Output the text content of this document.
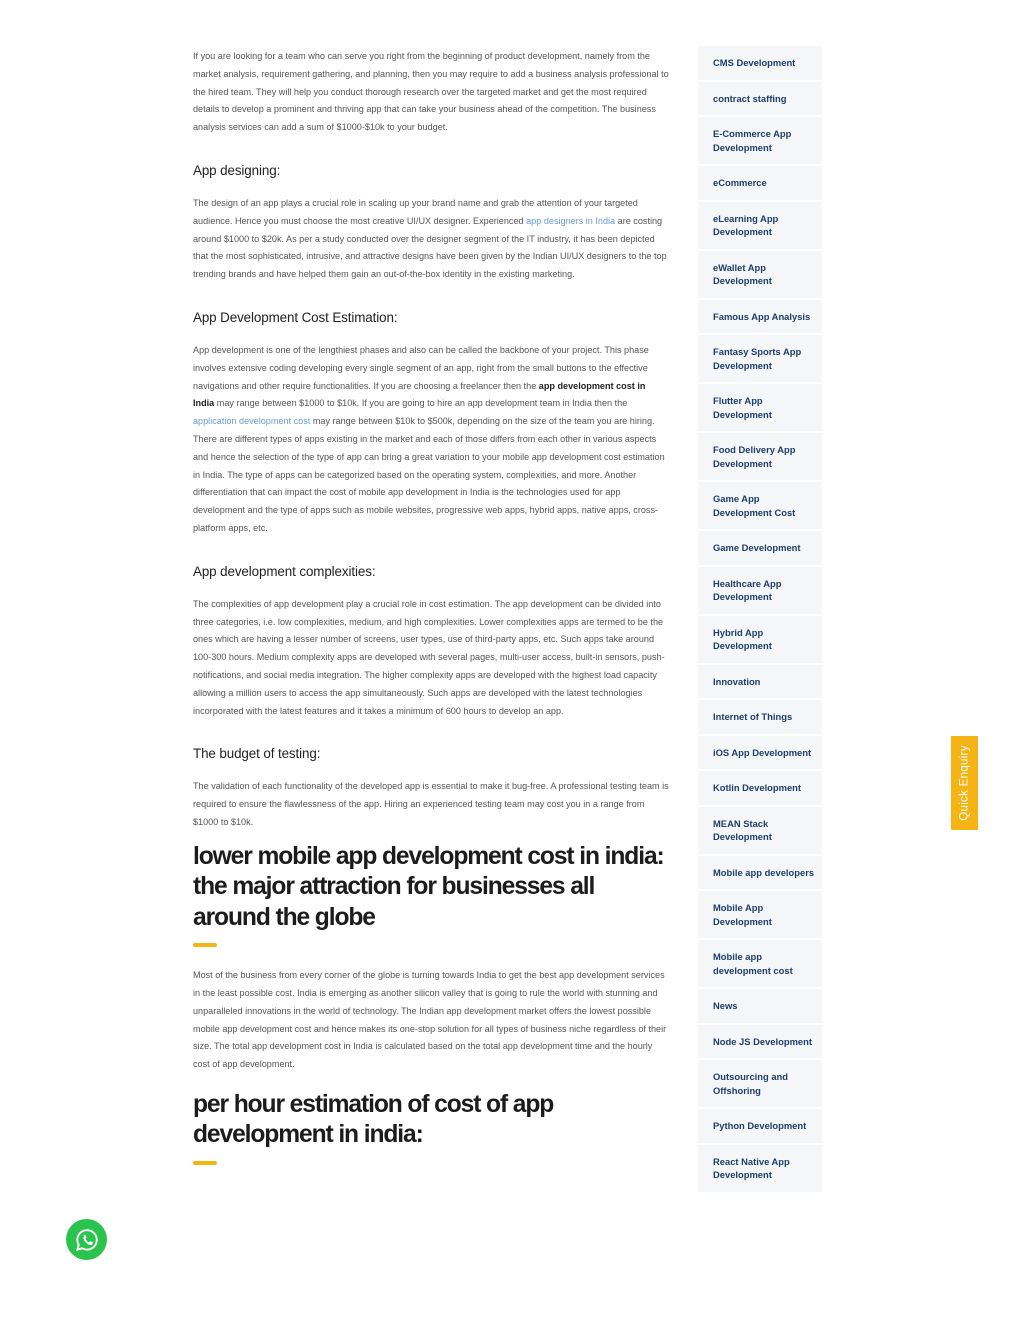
If you are looking for a team who can serve you right from the beginning of product development, namely from the market analysis, requirement gathering, and planning, then you may require to add a business analysis professional to the hired team. They will help you conduct thorough research over the targeted market and get the most required details to develop a prominent and thriving app that can take your business ahead of the competition. The business analysis services can add a sum of $1000-$10k to your budget.

App designing:

The design of an app plays a crucial role in scaling up your brand name and grab the attention of your targeted audience. Hence you must choose the most creative UI/UX designer. Experienced app designers in India are costing around $1000 to $20k. As per a study conducted over the designer segment of the IT industry, it has been depicted that the most sophisticated, intrusive, and attractive designs have been given by the Indian UI/UX designers to the top trending brands and have helped them gain an out-of-the-box identity in the existing marketing.

App Development Cost Estimation:

App development is one of the lengthiest phases and also can be called the backbone of your project. This phase involves extensive coding developing every single segment of an app, right from the small buttons to the effective navigations and other require functionalities. If you are choosing a freelancer then the app development cost in India may range between $1000 to $10k. If you are going to hire an app development team in India then the application development cost may range between $10k to $500k, depending on the size of the team you are hiring. There are different types of apps existing in the market and each of those differs from each other in various aspects and hence the selection of the type of app can bring a great variation to your mobile app development cost estimation in India. The type of apps can be categorized based on the operating system, complexities, and more. Another differentiation that can impact the cost of mobile app development in India is the technologies used for app development and the type of apps such as mobile websites, progressive web apps, hybrid apps, native apps, cross-platform apps, etc.

App development complexities:

The complexities of app development play a crucial role in cost estimation. The app development can be divided into three categories, i.e. low complexities, medium, and high complexities. Lower complexities apps are termed to be the ones which are having a lesser number of screens, user types, use of third-party apps, etc. Such apps take around 100-300 hours. Medium complexity apps are developed with several pages, multi-user access, built-in sensors, push-notifications, and social media integration. The higher complexity apps are developed with the highest load capacity allowing a million users to access the app simultaneously. Such apps are developed with the latest technologies incorporated with the latest features and it takes a minimum of 600 hours to develop an app.

The budget of testing:

The validation of each functionality of the developed app is essential to make it bug-free. A professional testing team is required to ensure the flawlessness of the app. Hiring an experienced testing team may cost you in a range from $1000 to $10k.

lower mobile app development cost in india: the major attraction for businesses all around the globe

Most of the business from every corner of the globe is turning towards India to get the best app development services in the least possible cost. India is emerging as another silicon valley that is going to rule the world with stunning and unparalleled innovations in the world of technology. The Indian app development market offers the lowest possible mobile app development cost and hence makes its one-stop solution for all types of business niche regardless of their size. The total app development cost in India is calculated based on the total app development time and the hourly cost of app development.

per hour estimation of cost of app development in india:
CMS Development
contract staffing
E-Commerce App Development
eCommerce
eLearning App Development
eWallet App Development
Famous App Analysis
Fantasy Sports App Development
Flutter App Development
Food Delivery App Development
Game App Development Cost
Game Development
Healthcare App Development
Hybrid App Development
Innovation
Internet of Things
iOS App Development
Kotlin Development
MEAN Stack Development
Mobile app developers
Mobile App Development
Mobile app development cost
News
Node JS Development
Outsourcing and Offshoring
Python Development
React Native App Development
Quick Enquiry
